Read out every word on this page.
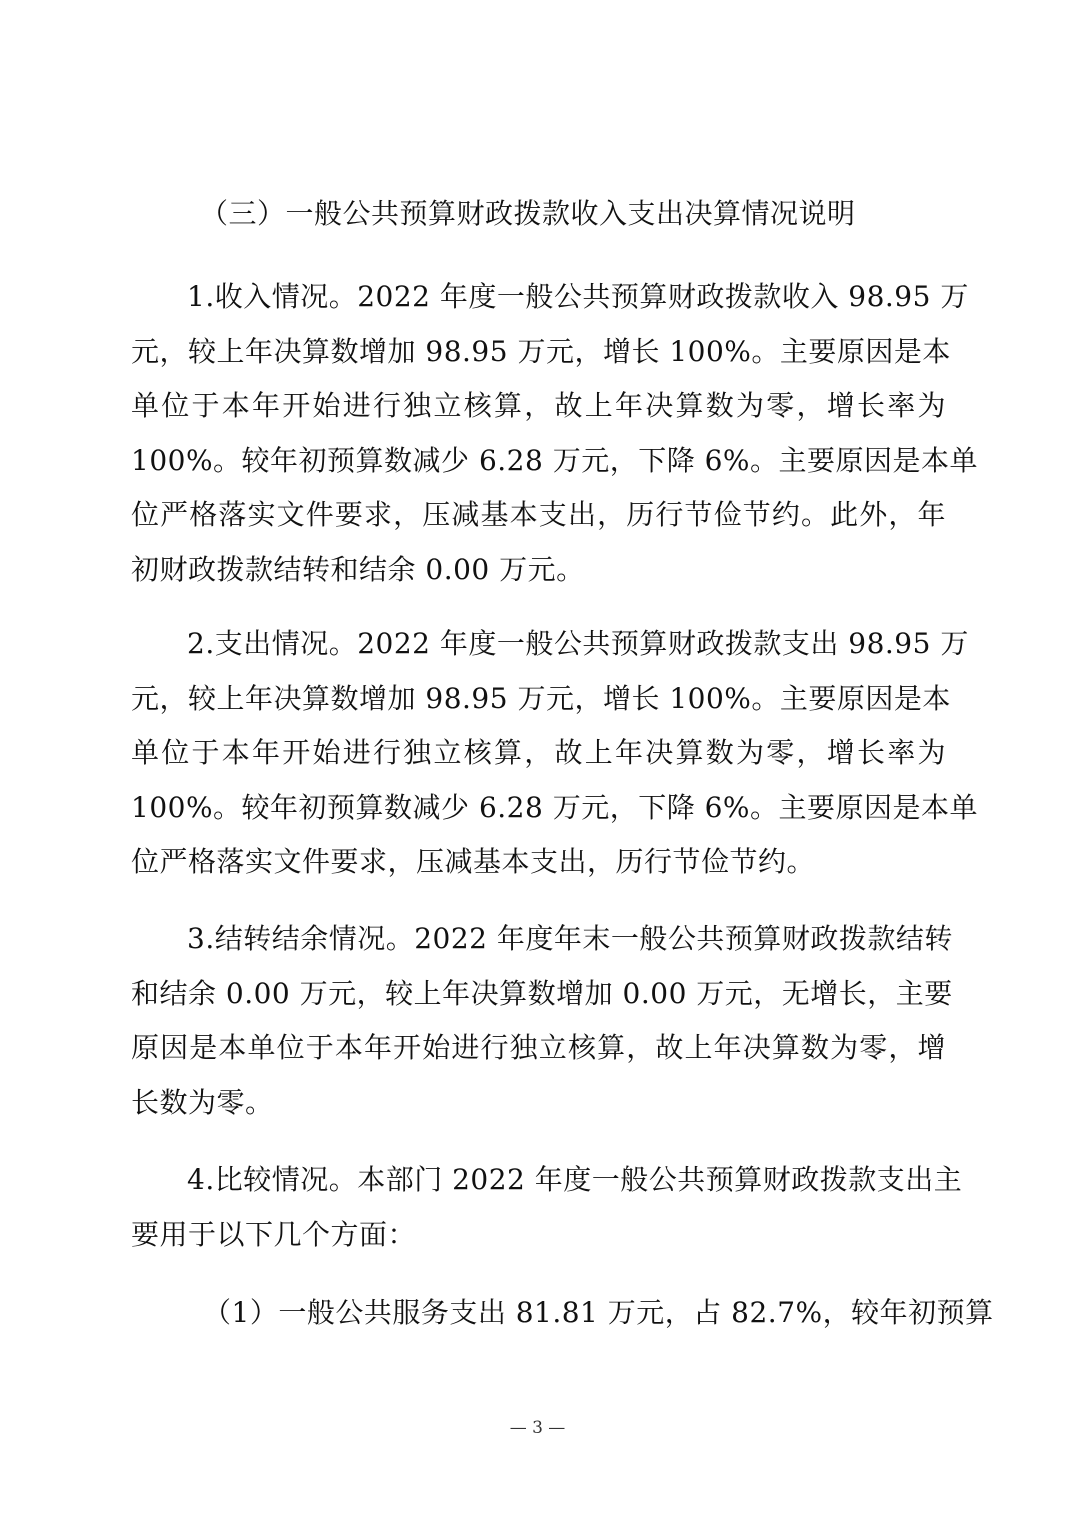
（三）一般公共预算财政拨款收入支出决算情况说明
1.收入情况。2022 年度一般公共预算财政拨款收入 98.95 万
元，较上年决算数增加 98.95 万元，增长 100%。主要原因是本
单位于本年开始进行独立核算，故上年决算数为零，增长率为
100%。较年初预算数减少 6.28 万元，下降 6%。主要原因是本单
位严格落实文件要求，压减基本支出，历行节俭节约。此外，年
初财政拨款结转和结余 0.00 万元。
2.支出情况。2022 年度一般公共预算财政拨款支出 98.95 万
元，较上年决算数增加 98.95 万元，增长 100%。主要原因是本
单位于本年开始进行独立核算，故上年决算数为零，增长率为
100%。较年初预算数减少 6.28 万元，下降 6%。主要原因是本单
位严格落实文件要求，压减基本支出，历行节俭节约。
3.结转结余情况。2022 年度年末一般公共预算财政拨款结转
和结余 0.00 万元，较上年决算数增加 0.00 万元，无增长，主要
原因是本单位于本年开始进行独立核算，故上年决算数为零，增
长数为零。
4.比较情况。本部门 2022 年度一般公共预算财政拨款支出主
要用于以下几个方面：
（1）一般公共服务支出 81.81 万元，占 82.7%，较年初预算
— 3 —
